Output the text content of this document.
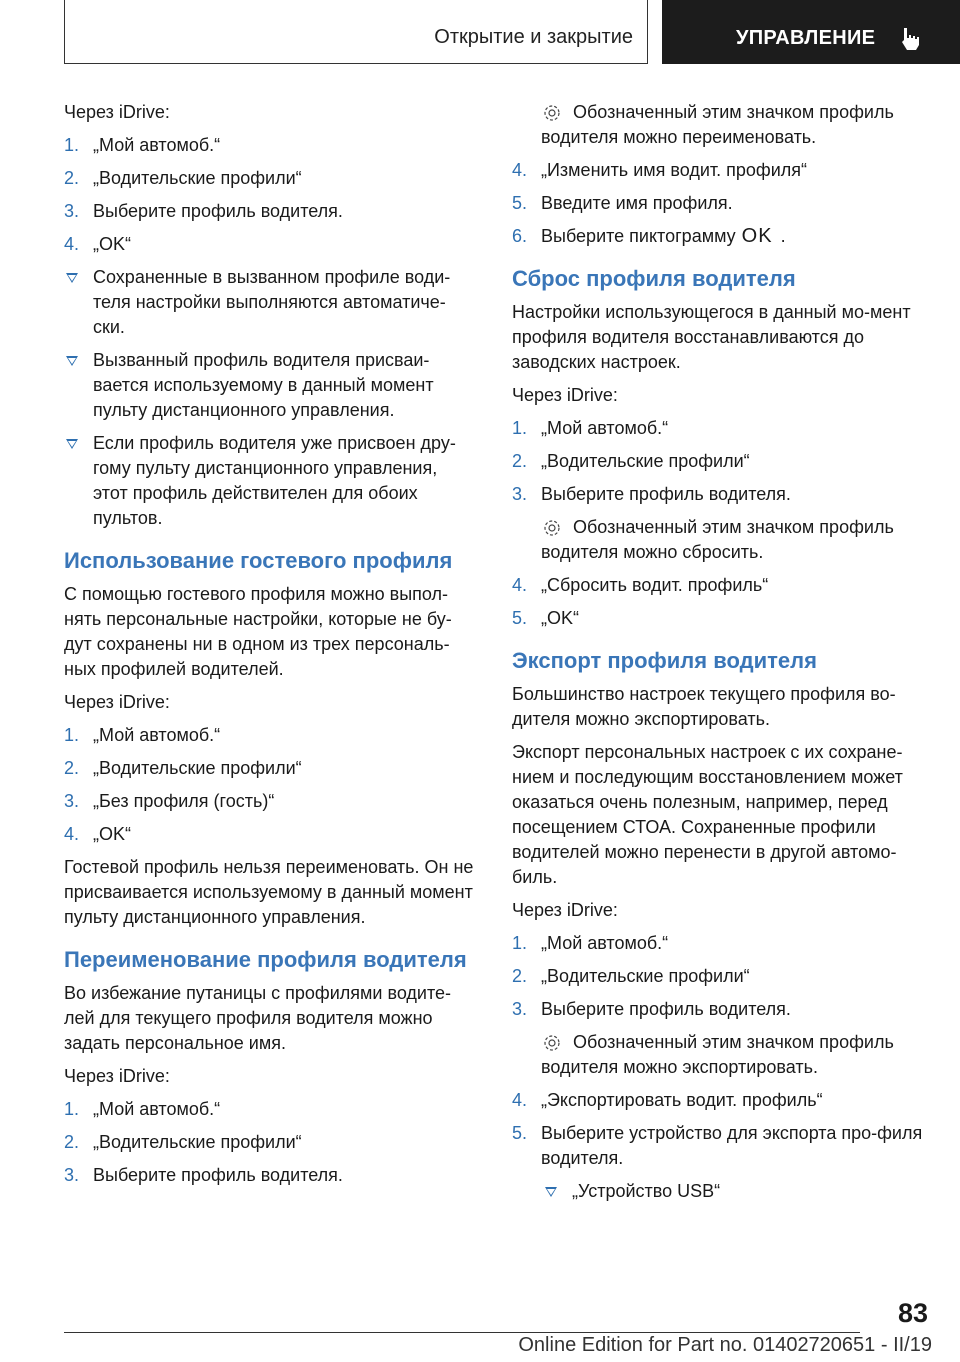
Открытие и закрытие	УПРАВЛЕНИЕ

Через iDrive:

1. „Мой автомоб.“
2. „Водительские профили“
3. Выберите профиль водителя.
4. „OK“
Сохраненные в вызванном профиле води-теля настройки выполняются автоматиче-ски.
Вызванный профиль водителя присваи-вается используемому в данный момент пульту дистанционного управления.
Если профиль водителя уже присвоен дру-гому пульту дистанционного управления, этот профиль действителен для обоих пультов.
Использование гостевого профиля

С помощью гостевого профиля можно выпол-нять персональные настройки, которые не бу-дут сохранены ни в одном из трех персональ-ных профилей водителей.

Через iDrive:

1. „Мой автомоб.“
2. „Водительские профили“
3. „Без профиля (гость)“
4. „OK“

Гостевой профиль нельзя переименовать. Он не присваивается используемому в данный момент пульту дистанционного управления.

Переименование профиля водителя

Во избежание путаницы с профилями водите-лей для текущего профиля водителя можно задать персональное имя.

Через iDrive:

1. „Мой автомоб.“
2. „Водительские профили“
3. Выберите профиль водителя.
Обозначенный этим значком профиль водителя можно переименовать.
4. „Изменить имя водит. профиля“
5. Введите имя профиля.
6. Выберите пиктограмму OK .
Сброс профиля водителя

Настройки использующегося в данный мо-мент профиля водителя восстанавливаются до заводских настроек.

Через iDrive:

1. „Мой автомоб.“
2. „Водительские профили“
3. Выберите профиль водителя.
Обозначенный этим значком профиль водителя можно сбросить.
4. „Сбросить водит. профиль“
5. „OK“
Экспорт профиля водителя

Большинство настроек текущего профиля во-дителя можно экспортировать.

Экспорт персональных настроек с их сохране-нием и последующим восстановлением может оказаться очень полезным, например, перед посещением СТОА. Сохраненные профили водителей можно перенести в другой автомо-биль.

Через iDrive:

1. „Мой автомоб.“
2. „Водительские профили“
3. Выберите профиль водителя.
Обозначенный этим значком профиль водителя можно экспортировать.
4. „Экспортировать водит. профиль“
5. Выберите устройство для экспорта про-филя водителя.
„Устройство USB“
83
Online Edition for Part no. 01402720651 - II/19
